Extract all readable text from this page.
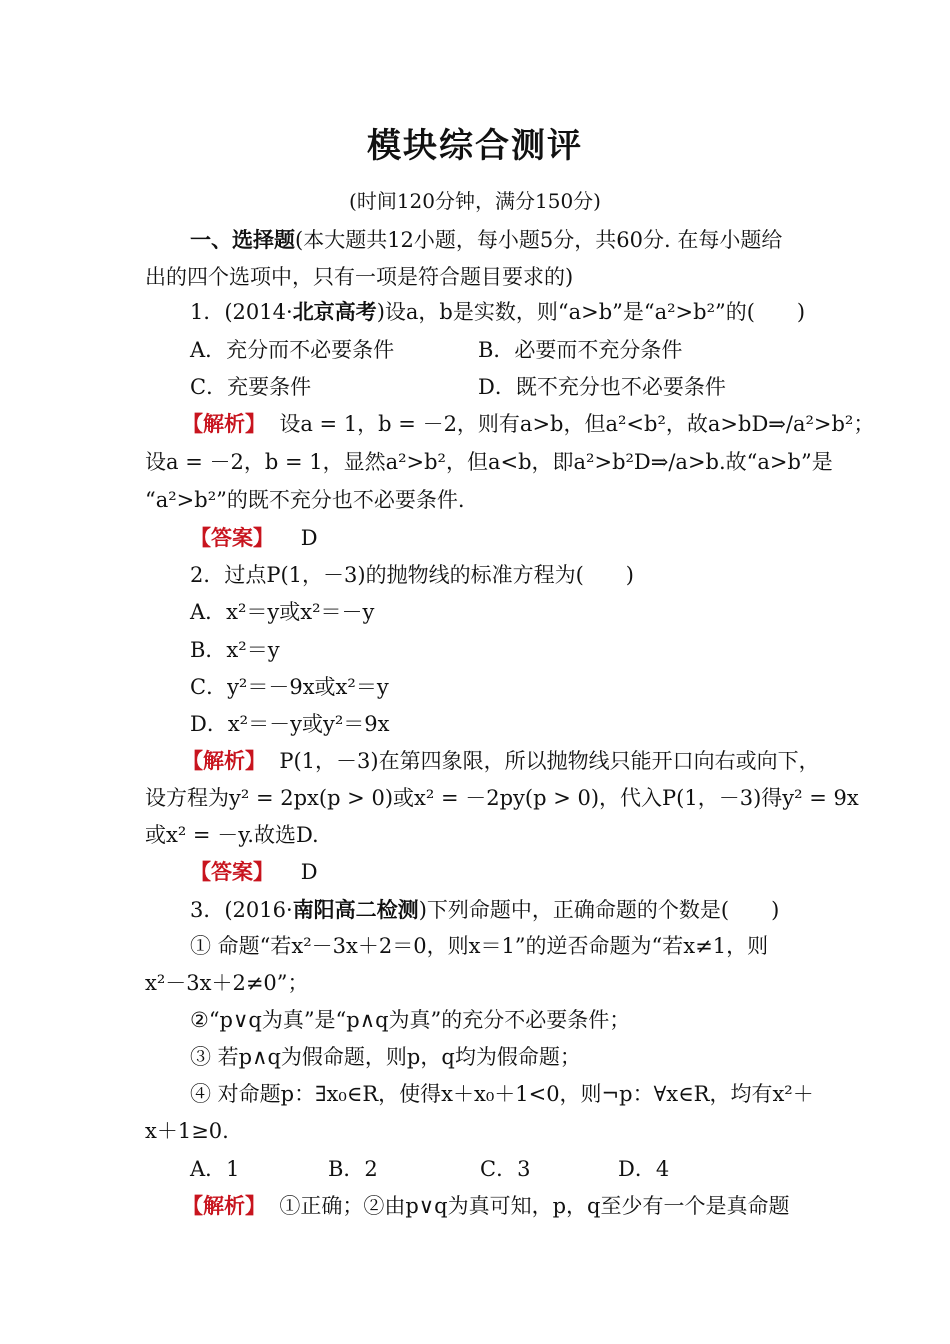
模块综合测评
(时间120分钟，满分150分)
一、选择题(本大题共12小题，每小题5分，共60分. 在每小题给
出的四个选项中，只有一项是符合题目要求的)
1．(2014·北京高考)设a，b是实数，则“a>b”是“a²>b²”的(　　)
A．充分而不必要条件	B．必要而不充分条件
C．充要条件	D．既不充分也不必要条件
【解析】 设a = 1，b = －2，则有a>b，但a²<b²，故a>bD⇒/a²>b²；
设a = －2，b = 1，显然a²>b²，但a<b，即a²>b²D⇒/a>b.故“a>b”是
“a²>b²”的既不充分也不必要条件.
【答案】 D
2．过点P(1，－3)的抛物线的标准方程为(　　)
A．x²＝y或x²＝－y
B．x²＝y
C．y²＝－9x或x²＝y
D．x²＝－y或y²＝9x
【解析】 P(1，－3)在第四象限，所以抛物线只能开口向右或向下，
设方程为y² = 2px(p > 0)或x² = －2py(p > 0)，代入P(1，－3)得y² = 9x
或x² = －y.故选D.
【答案】 D
3．(2016·南阳高二检测)下列命题中，正确命题的个数是(　　)
① 命题“若x²－3x＋2＝0，则x＝1”的逆否命题为“若x≠1，则
x²－3x＋2≠0”；
②“p∨q为真”是“p∧q为真”的充分不必要条件；
③ 若p∧q为假命题，则p，q均为假命题；
④ 对命题p：∃x₀∈R，使得x＋x₀＋1<0，则¬p：∀x∈R，均有x²＋
x＋1≥0.
A．1	B．2	C．3	D．4
【解析】 ①正确；②由p∨q为真可知，p，q至少有一个是真命题
